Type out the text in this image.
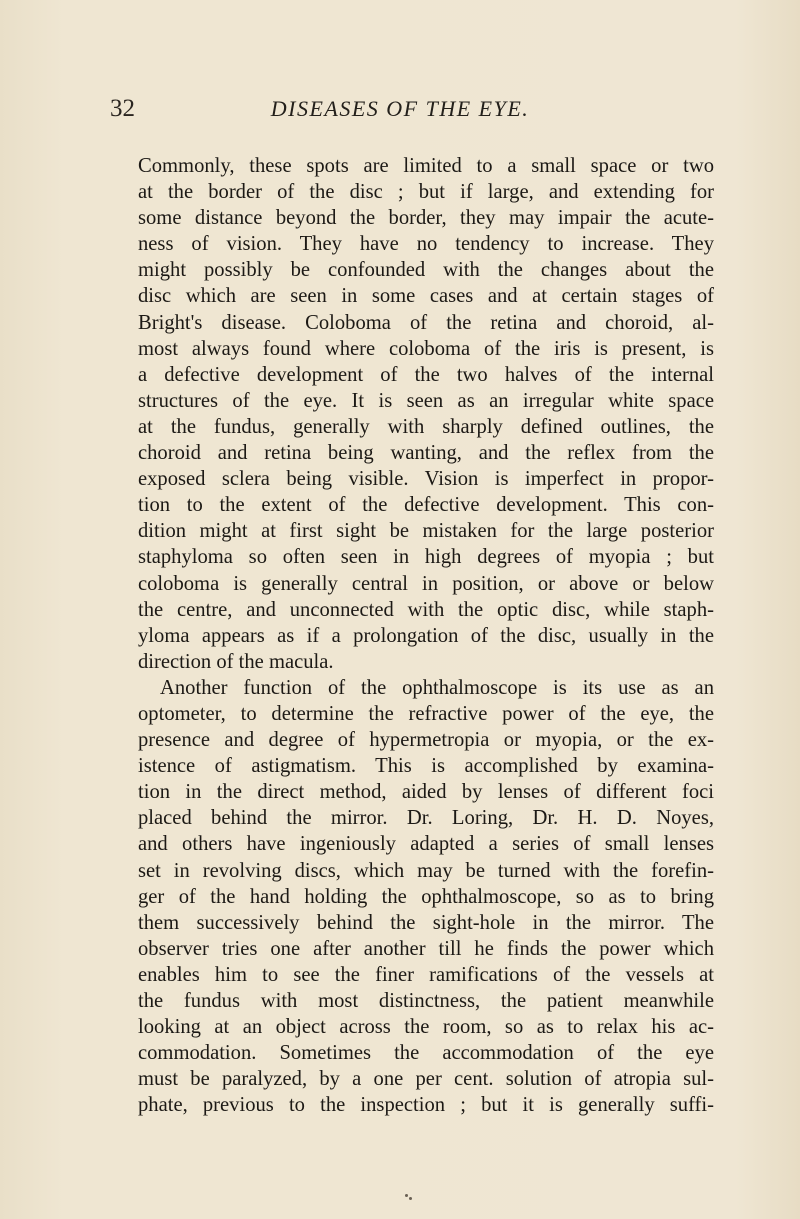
32	DISEASES OF THE EYE.
Commonly, these spots are limited to a small space or two
at the border of the disc ; but if large, and extending for
some distance beyond the border, they may impair the acute-
ness of vision. They have no tendency to increase. They
might possibly be confounded with the changes about the
disc which are seen in some cases and at certain stages of
Bright's disease. Coloboma of the retina and choroid, al-
most always found where coloboma of the iris is present, is
a defective development of the two halves of the internal
structures of the eye. It is seen as an irregular white space
at the fundus, generally with sharply defined outlines, the
choroid and retina being wanting, and the reflex from the
exposed sclera being visible. Vision is imperfect in propor-
tion to the extent of the defective development. This con-
dition might at first sight be mistaken for the large posterior
staphyloma so often seen in high degrees of myopia ; but
coloboma is generally central in position, or above or below
the centre, and unconnected with the optic disc, while staph-
yloma appears as if a prolongation of the disc, usually in the
direction of the macula.
Another function of the ophthalmoscope is its use as an
optometer, to determine the refractive power of the eye, the
presence and degree of hypermetropia or myopia, or the ex-
istence of astigmatism. This is accomplished by examina-
tion in the direct method, aided by lenses of different foci
placed behind the mirror. Dr. Loring, Dr. H. D. Noyes,
and others have ingeniously adapted a series of small lenses
set in revolving discs, which may be turned with the forefin-
ger of the hand holding the ophthalmoscope, so as to bring
them successively behind the sight-hole in the mirror. The
observer tries one after another till he finds the power which
enables him to see the finer ramifications of the vessels at
the fundus with most distinctness, the patient meanwhile
looking at an object across the room, so as to relax his ac-
commodation. Sometimes the accommodation of the eye
must be paralyzed, by a one per cent. solution of atropia sul-
phate, previous to the inspection ; but it is generally suffi-
